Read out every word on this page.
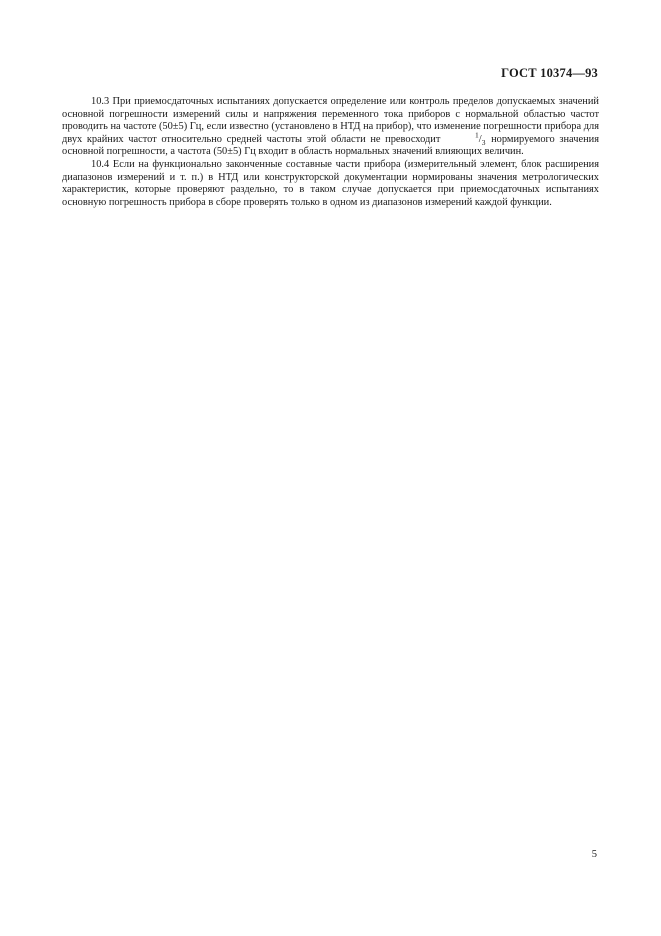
ГОСТ 10374—93

10.3 При приемосдаточных испытаниях допускается определение или контроль пределов допускаемых значений основной погрешности измерений силы и напряжения переменного тока приборов с нормальной областью частот проводить на частоте (50±5) Гц, если известно (установлено в НТД на прибор), что изменение погрешности прибора для двух крайних частот относительно средней частоты этой области не превосходит	$^1/_3$ нормируемого значения основной погрешности, а частота (50±5) Гц входит в область нормальных значений влияющих величин.

10.4 Если на функционально законченные составные части прибора (измерительный элемент, блок расширения диапазонов измерений и т. п.) в НТД или конструкторской документации нормированы значения метрологических характеристик, которые проверяют раздельно, то в таком случае допускается при приемосдаточных испытаниях основную погрешность прибора в сборе проверять только в одном из диапазонов измерений каждой функции.

5
